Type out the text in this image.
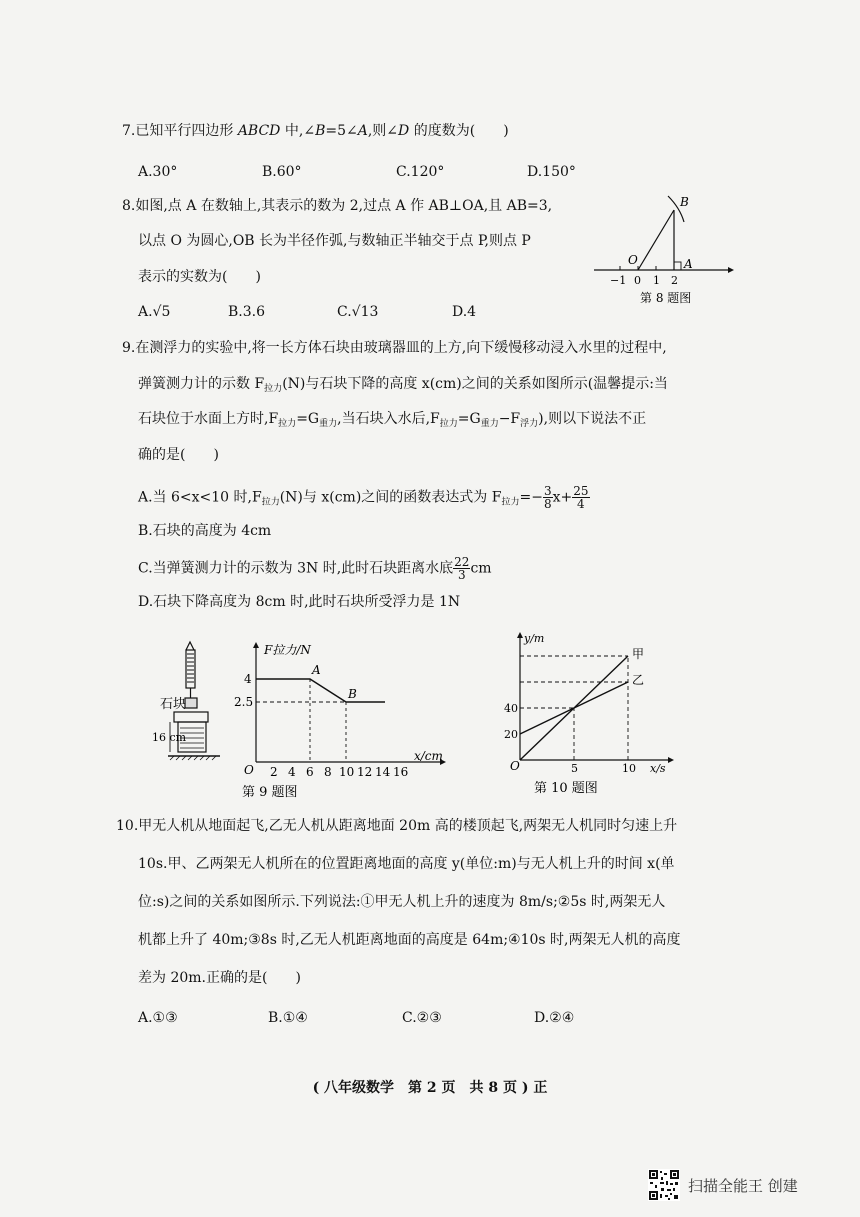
7.已知平行四边形 ABCD 中,∠B=5∠A,则∠D 的度数为(　　)
A.30°	B.60°	C.120°	D.150°
8.如图,点 A 在数轴上,其表示的数为 2,过点 A 作 AB⊥OA,且 AB=3,
以点 O 为圆心,OB 长为半径作弧,与数轴正半轴交于点 P,则点 P
表示的实数为(　　)
A.√5	B.3.6	C.√13	D.4
B
O	A
−1 0 1 2
第 8 题图
9.在测浮力的实验中,将一长方体石块由玻璃器皿的上方,向下缓慢移动浸入水里的过程中,
弹簧测力计的示数 $F_{拉力}(N)$与石块下降的高度 x(cm)之间的关系如图所示(温馨提示:当
石块位于水面上方时$,F_{拉力}=G_{重力}$,当石块入水后$,F_{拉力}=G_{重力}-F_{浮力}$),则以下说法不正
确的是(　　)
A.当 6<x<10 时$,F_{拉力}(N)$与 x(cm)之间的函数表达式为 $F_{拉力}=- \frac{3}{8} x+ \frac{25}{4}$
B.石块的高度为 4cm
C.当弹簧测力计的示数为 3N 时,此时石块距离水底 $\frac{22}{3}$ cm
D.石块下降高度为 8cm 时,此时石块所受浮力是 1N
石块
16 cm
F拉力/N
x/cm
A
B
O
4
2.5
2 4 6 8 10 12 14 16
第 9 题图
y/m
x/s
O	5	10
20
40
甲
乙
第 10 题图
10.甲无人机从地面起飞,乙无人机从距离地面 20m 高的楼顶起飞,两架无人机同时匀速上升
10s.甲、乙两架无人机所在的位置距离地面的高度 y(单位:m)与无人机上升的时间 x(单
位:s)之间的关系如图所示.下列说法:①甲无人机上升的速度为 8m/s;②5s 时,两架无人
机都上升了 40m;③8s 时,乙无人机距离地面的高度是 64m;④10s 时,两架无人机的高度
差为 20m.正确的是(　　)
A.①③	B.①④	C.②③	D.②④
( 八年级数学　第 2 页　共 8 页 ) 正
扫描全能王 创建
